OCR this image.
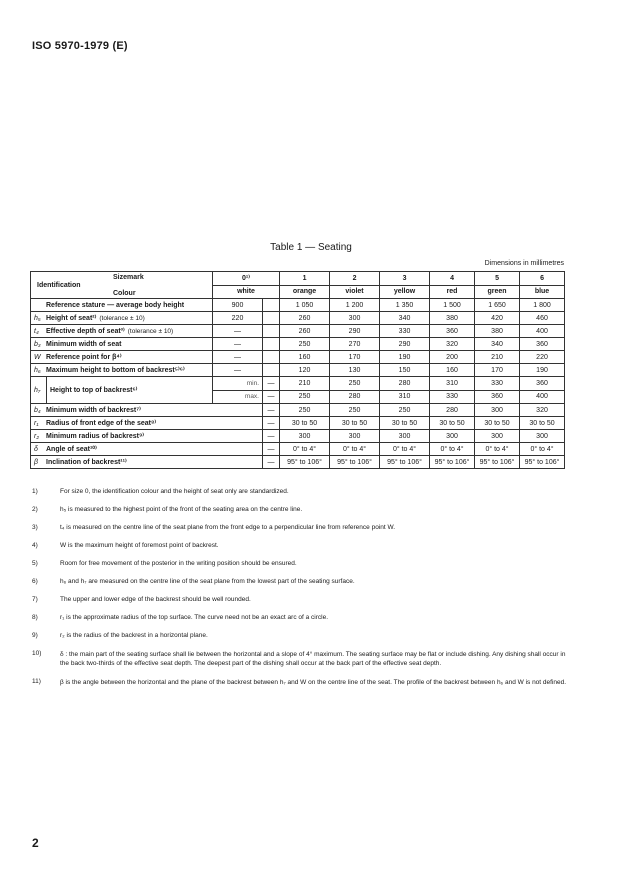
ISO 5970-1979 (E)
Table 1 — Seating
Dimensions in millimetres
Sizemark
Identification
Colour		0¹⁾		1	2	3	4	5	6
		white		orange	violet	yellow	red	green	blue
Reference stature — average body height		900		1 050	1 200	1 350	1 500	1 650	1 800
h₅ Height of seat²⁾ (tolerance ± 10)		220		260	300	340	380	420	460
t₄ Effective depth of seat³⁾ (tolerance ± 10)		—		260	290	330	360	380	400
b₃ Minimum width of seat		—		250	270	290	320	340	360
W Reference point for β⁴⁾		—		160	170	190	200	210	220
h₆ Maximum height to bottom of backrest⁵⁾⁶⁾		—		120	130	150	160	170	190
h₇	Height to top of backrest⁶⁾	min.	—	210	250	280	310	330	360
		max.	—	250	280	310	330	360	400
b₄ Minimum width of backrest⁷⁾			—	250	250	250	280	300	320
r₁ Radius of front edge of the seat⁸⁾			—	30 to 50	30 to 50	30 to 50	30 to 50	30 to 50	30 to 50
r₂ Minimum radius of backrest⁹⁾			—	300	300	300	300	300	300
δ Angle of seat¹⁰⁾			—	0° to 4°	0° to 4°	0° to 4°	0° to 4°	0° to 4°	0° to 4°
β Inclination of backrest¹¹⁾			—	95° to 106°	95° to 106°	95° to 106°	95° to 106°	95° to 106°	95° to 106°
1)	For size 0, the identification colour and the height of seat only are standardized.
2)	h₅ is measured to the highest point of the front of the seating area on the centre line.
3)	t₄ is measured on the centre line of the seat plane from the front edge to a perpendicular line from reference point W.
4)	W is the maximum height of foremost point of backrest.
5)	Room for free movement of the posterior in the writing position should be ensured.
6)	h₆ and h₇ are measured on the centre line of the seat plane from the lowest part of the seating surface.
7)	The upper and lower edge of the backrest should be well rounded.
8)	r₁ is the approximate radius of the top surface. The curve need not be an exact arc of a circle.
9)	r₂ is the radius of the backrest in a horizontal plane.
10)	δ : the main part of the seating surface shall lie between the horizontal and a slope of 4° maximum. The seating surface may be flat or include dishing. Any dishing shall occur in the back two-thirds of the effective seat depth. The deepest part of the dishing shall occur at the back part of the effective seat depth.
11)	β is the angle between the horizontal and the plane of the backrest between h₇ and W on the centre line of the seat. The profile of the backrest between h₆ and W is not defined.
2
